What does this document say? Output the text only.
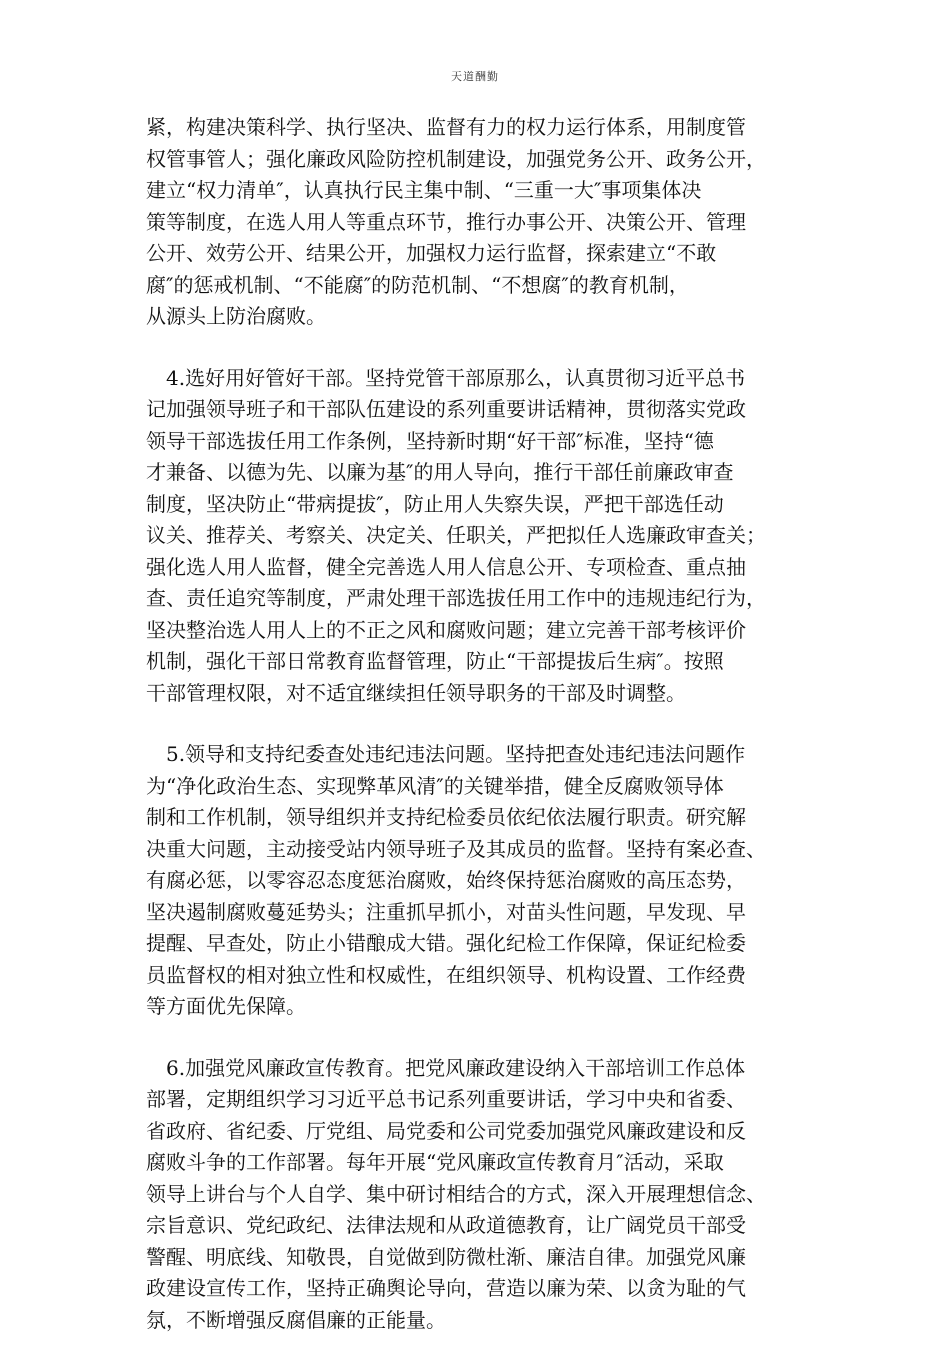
天道酬勤

紧，构建决策科学、执行坚决、监督有力的权力运行体系，用制度管
权管事管人；强化廉政风险防控机制建设，加强党务公开、政务公开，
建立“权力清单″，认真执行民主集中制、“三重一大″事项集体决
策等制度，在选人用人等重点环节，推行办事公开、决策公开、管理
公开、效劳公开、结果公开，加强权力运行监督，探索建立“不敢
腐″的惩戒机制、“不能腐″的防范机制、“不想腐″的教育机制，
从源头上防治腐败。

4.选好用好管好干部。坚持党管干部原那么，认真贯彻习近平总书
记加强领导班子和干部队伍建设的系列重要讲话精神，贯彻落实党政
领导干部选拔任用工作条例，坚持新时期“好干部″标准，坚持“德
才兼备、以德为先、以廉为基″的用人导向，推行干部任前廉政审查
制度，坚决防止“带病提拔″，防止用人失察失误，严把干部选任动
议关、推荐关、考察关、决定关、任职关，严把拟任人选廉政审查关；
强化选人用人监督，健全完善选人用人信息公开、专项检查、重点抽
查、责任追究等制度，严肃处理干部选拔任用工作中的违规违纪行为，
坚决整治选人用人上的不正之风和腐败问题；建立完善干部考核评价
机制，强化干部日常教育监督管理，防止“干部提拔后生病″。按照
干部管理权限，对不适宜继续担任领导职务的干部及时调整。

5.领导和支持纪委查处违纪违法问题。坚持把查处违纪违法问题作
为“净化政治生态、实现弊革风清″的关键举措，健全反腐败领导体
制和工作机制，领导组织并支持纪检委员依纪依法履行职责。研究解
决重大问题，主动接受站内领导班子及其成员的监督。坚持有案必查、
有腐必惩，以零容忍态度惩治腐败，始终保持惩治腐败的高压态势，
坚决遏制腐败蔓延势头；注重抓早抓小，对苗头性问题，早发现、早
提醒、早查处，防止小错酿成大错。强化纪检工作保障，保证纪检委
员监督权的相对独立性和权威性，在组织领导、机构设置、工作经费
等方面优先保障。

6.加强党风廉政宣传教育。把党风廉政建设纳入干部培训工作总体
部署，定期组织学习习近平总书记系列重要讲话，学习中央和省委、
省政府、省纪委、厅党组、局党委和公司党委加强党风廉政建设和反
腐败斗争的工作部署。每年开展“党风廉政宣传教育月″活动，采取
领导上讲台与个人自学、集中研讨相结合的方式，深入开展理想信念、
宗旨意识、党纪政纪、法律法规和从政道德教育，让广阔党员干部受
警醒、明底线、知敬畏，自觉做到防微杜渐、廉洁自律。加强党风廉
政建设宣传工作，坚持正确舆论导向，营造以廉为荣、以贪为耻的气
氛，不断增强反腐倡廉的正能量。
